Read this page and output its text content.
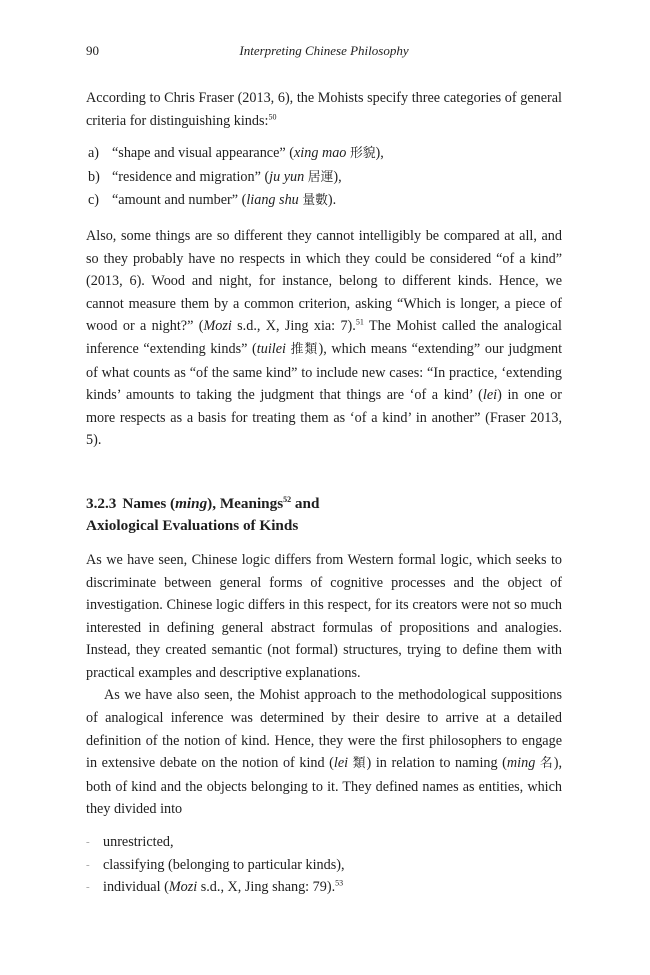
90	Interpreting Chinese Philosophy

According to Chris Fraser (2013, 6), the Mohists specify three categories of general criteria for distinguishing kinds:$^{50}$

a) “shape and visual appearance” (xing mao 形貌),
b) “residence and migration” (ju yun 居運),
c) “amount and number” (liang shu 量數).

Also, some things are so different they cannot intelligibly be compared at all, and so they probably have no respects in which they could be considered “of a kind” (2013, 6). Wood and night, for instance, belong to different kinds. Hence, we cannot measure them by a common criterion, asking “Which is longer, a piece of wood or a night?” (Mozi s.d., X, Jing xia: 7).$^{51}$ The Mohist called the analogical inference “extending kinds” (tuilei 推類), which means “extending” our judgment of what counts as “of the same kind” to include new cases: “In practice, ‘extending kinds’ amounts to taking the judgment that things are ‘of a kind’ (lei) in one or more respects as a basis for treating them as ‘of a kind’ in another” (Fraser 2013, 5).

3.2.3 Names (ming), Meanings$^{52}$ and
Axiological Evaluations of Kinds

As we have seen, Chinese logic differs from Western formal logic, which seeks to discriminate between general forms of cognitive processes and the object of investigation. Chinese logic differs in this respect, for its creators were not so much interested in defining general abstract formulas of propositions and analogies. Instead, they created semantic (not formal) structures, trying to define them with practical examples and descriptive explanations.

As we have also seen, the Mohist approach to the methodological suppositions of analogical inference was determined by their desire to arrive at a detailed definition of the notion of kind. Hence, they were the first philosophers to engage in extensive debate on the notion of kind (lei 類) in relation to naming (ming 名), both of kind and the objects belonging to it. They defined names as entities, which they divided into

- unrestricted,
- classifying (belonging to particular kinds),
- individual (Mozi s.d., X, Jing shang: 79).$^{53}$
